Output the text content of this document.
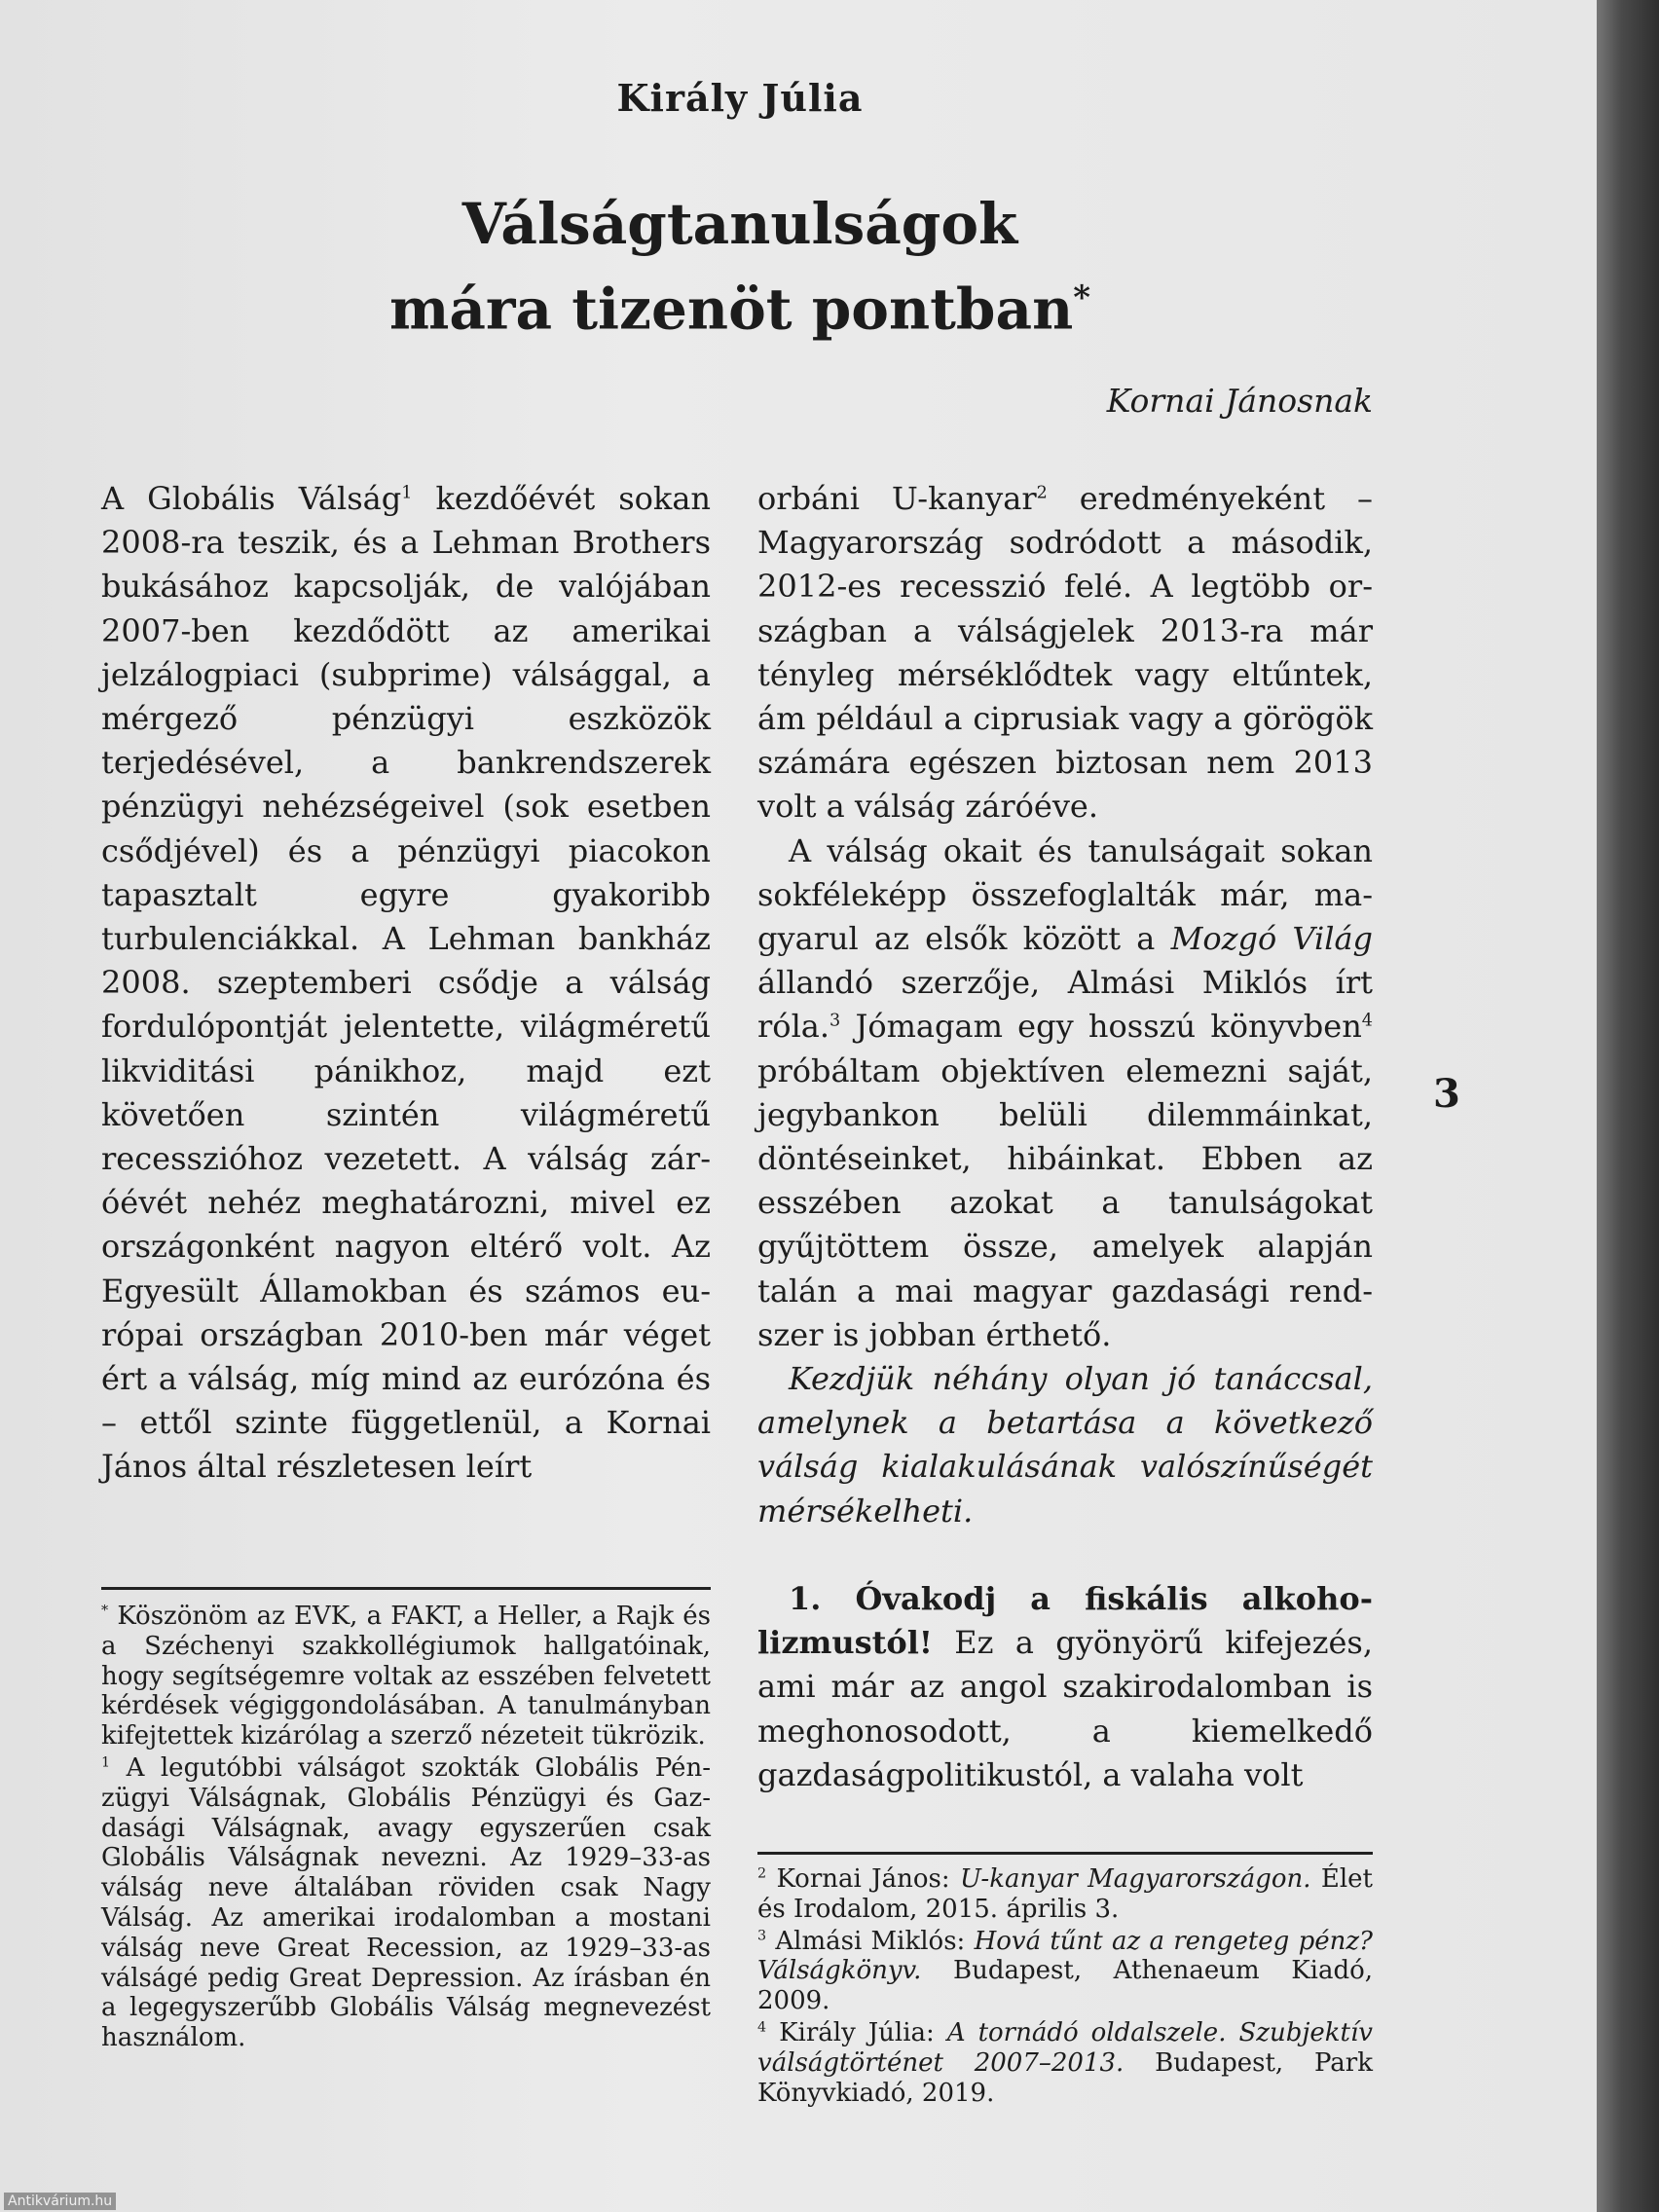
Király Júlia
Válságtanulságok
mára tizenöt pontban*
Kornai Jánosnak

A Globális Válság$^1$ kezdőévét sokan 2008-ra teszik, és a Lehman Brothers bukásához kapcsolják, de valójában 2007-ben kezdődött az amerikai jelzálogpiaci (subprime) válsággal, a mérgező pénzügyi eszközök terjedésével, a bankrendszerek pénzügyi nehézségeivel (sok esetben csődjével) és a pénzügyi piacokon tapasztalt egyre gyakoribb turbulenciákkal. A Lehman bankház 2008. szeptemberi csődje a válság fordulópontját jelentette, világméretű likviditási pánikhoz, majd ezt követően szintén világméretű recesszióhoz vezetett. A válság záróévét nehéz meghatározni, mivel ez országonként nagyon eltérő volt. Az Egyesült Államokban és számos európai országban 2010-ben már véget ért a válság, míg mind az eurózóna és – ettől szinte függetlenül, a Kornai János által részletesen leírt

orbáni U-kanyar$^2$ eredményeként – Magyarország sodródott a második, 2012-es recesszió felé. A legtöbb országban a válságjelek 2013-ra már tényleg mérséklődtek vagy eltűntek, ám például a ciprusiak vagy a görögök számára egészen biztosan nem 2013 volt a válság záróéve.

A válság okait és tanulságait sokan sokféleképp összefoglalták már, magyarul az elsők között a Mozgó Világ állandó szerzője, Almási Miklós írt róla.$^3$ Jómagam egy hosszú könyvben$^4$ próbáltam objektíven elemezni saját, jegybankon belüli dilemmáinkat, döntéseinket, hibáinkat. Ebben az esszében azokat a tanulságokat gyűjtöttem össze, amelyek alapján talán a mai magyar gazdasági rendszer is jobban érthető.

Kezdjük néhány olyan jó tanáccsal, amelynek a betartása a következő válság kialakulásának valószínűségét mérsékelheti.

1. Óvakodj a fiskális alkoholizmustól! Ez a gyönyörű kifejezés, ami már az angol szakirodalomban is meghonosodott, a kiemelkedő gazdaságpolitikustól, a valaha volt

* Köszönöm az EVK, a FAKT, a Heller, a Rajk és a Széchenyi szakkollégiumok hallgatóinak, hogy segítségemre voltak az esszében felvetett kérdések végiggondolásában. A tanulmányban kifejtettek kizárólag a szerző nézeteit tükrözik.

$^1$ A legutóbbi válságot szokták Globális Pénzügyi Válságnak, Globális Pénzügyi és Gazdasági Válságnak, avagy egyszerűen csak Globális Válságnak nevezni. Az 1929–33-as válság neve általában röviden csak Nagy Válság. Az amerikai irodalomban a mostani válság neve Great Recession, az 1929–33-as válságé pedig Great Depression. Az írásban én a legegyszerűbb Globális Válság megnevezést használom.

$^2$ Kornai János: U-kanyar Magyarországon. Élet és Irodalom, 2015. április 3.

$^3$ Almási Miklós: Hová tűnt az a rengeteg pénz? Válságkönyv. Budapest, Athenaeum Kiadó, 2009.

$^4$ Király Júlia: A tornádó oldalszele. Szubjektív válságtörténet 2007–2013. Budapest, Park Könyvkiadó, 2019.

3
Antikvárium.hu
